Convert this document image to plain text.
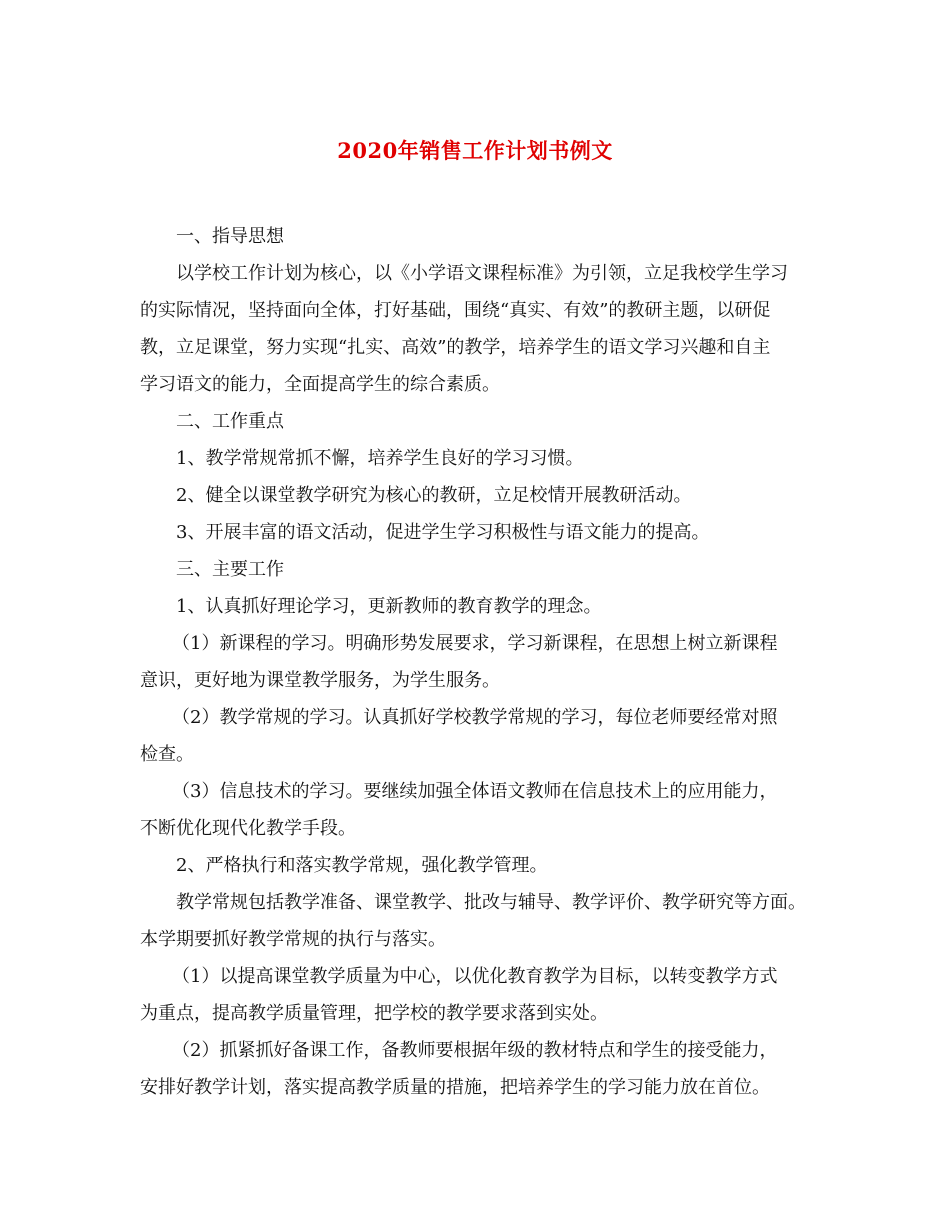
2020年销售工作计划书例文
一、指导思想
以学校工作计划为核心，以《小学语文课程标准》为引领，立足我校学生学习
的实际情况，坚持面向全体，打好基础，围绕“真实、有效”的教研主题，以研促
教，立足课堂，努力实现“扎实、高效”的教学，培养学生的语文学习兴趣和自主
学习语文的能力，全面提高学生的综合素质。
二、工作重点
1、教学常规常抓不懈，培养学生良好的学习习惯。
2、健全以课堂教学研究为核心的教研，立足校情开展教研活动。
3、开展丰富的语文活动，促进学生学习积极性与语文能力的提高。
三、主要工作
1、认真抓好理论学习，更新教师的教育教学的理念。
（1）新课程的学习。明确形势发展要求，学习新课程，在思想上树立新课程
意识，更好地为课堂教学服务，为学生服务。
（2）教学常规的学习。认真抓好学校教学常规的学习，每位老师要经常对照
检查。
（3）信息技术的学习。要继续加强全体语文教师在信息技术上的应用能力，
不断优化现代化教学手段。
2、严格执行和落实教学常规，强化教学管理。
教学常规包括教学准备、课堂教学、批改与辅导、教学评价、教学研究等方面。
本学期要抓好教学常规的执行与落实。
（1）以提高课堂教学质量为中心，以优化教育教学为目标，以转变教学方式
为重点，提高教学质量管理，把学校的教学要求落到实处。
（2）抓紧抓好备课工作，备教师要根据年级的教材特点和学生的接受能力，
安排好教学计划，落实提高教学质量的措施，把培养学生的学习能力放在首位。
